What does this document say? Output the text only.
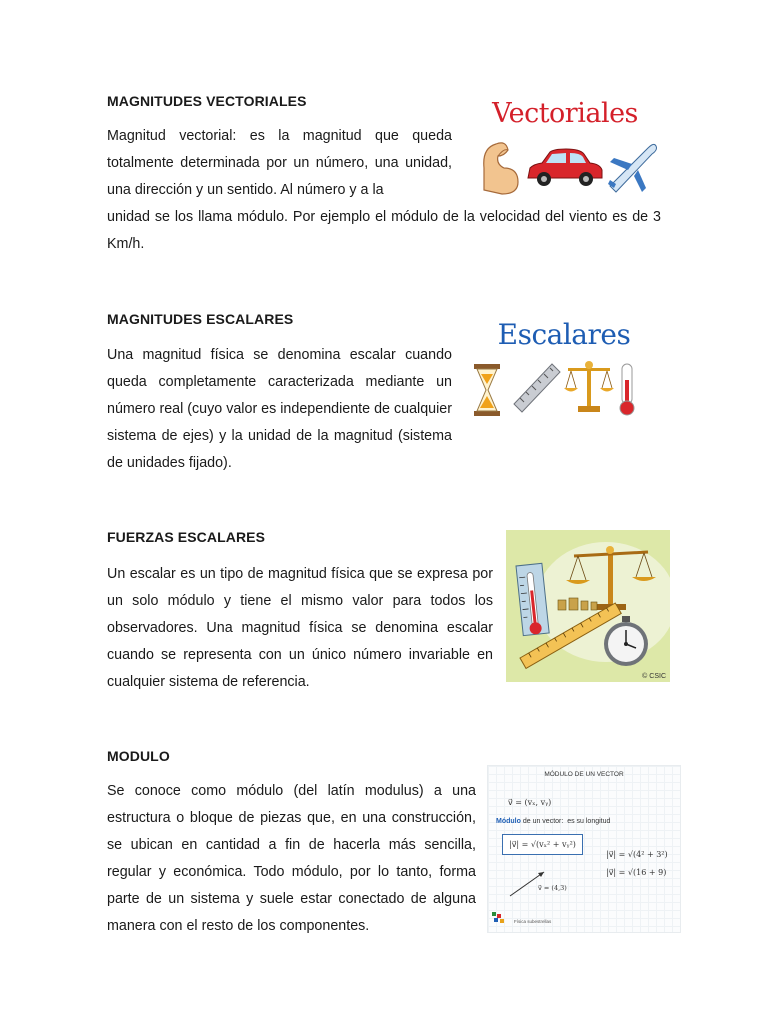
MAGNITUDES VECTORIALES

Magnitud vectorial: es la magnitud que queda totalmente determinada por un número, una unidad, una dirección y un sentido. Al número y a la

unidad se los llama módulo. Por ejemplo el módulo de la velocidad del viento es de 3 Km/h.

Vectoriales
MAGNITUDES ESCALARES

Una magnitud física se denomina escalar cuando queda completamente caracterizada mediante un número real (cuyo valor es independiente de cualquier sistema de ejes) y la unidad de la magnitud (sistema de unidades fijado).

Escalares
FUERZAS ESCALARES

Un escalar es un tipo de magnitud física que se expresa por un solo módulo y tiene el mismo valor para todos los observadores. Una magnitud física se denomina escalar cuando se representa con un único número invariable en cualquier sistema de referencia.	© CSIC
MODULO

Se conoce como módulo (del latín modulus) a una estructura o bloque de piezas que, en una construcción, se ubican en cantidad a fin de hacerla más sencilla, regular y económica. Todo módulo, por lo tanto, forma parte de un sistema y suele estar conectado de alguna manera con el resto de los componentes.

MÓDULO DE UN VECTOR
v⃗ = (vₓ, vᵧ)
Módulo de un vector: es su longitud
|v⃗| = √(vₓ² + vᵧ²)
|v⃗| = √(4² + 3²)
|v⃗| = √(16 + 9)
v⃗ = (4,3)
Física subestrellas
